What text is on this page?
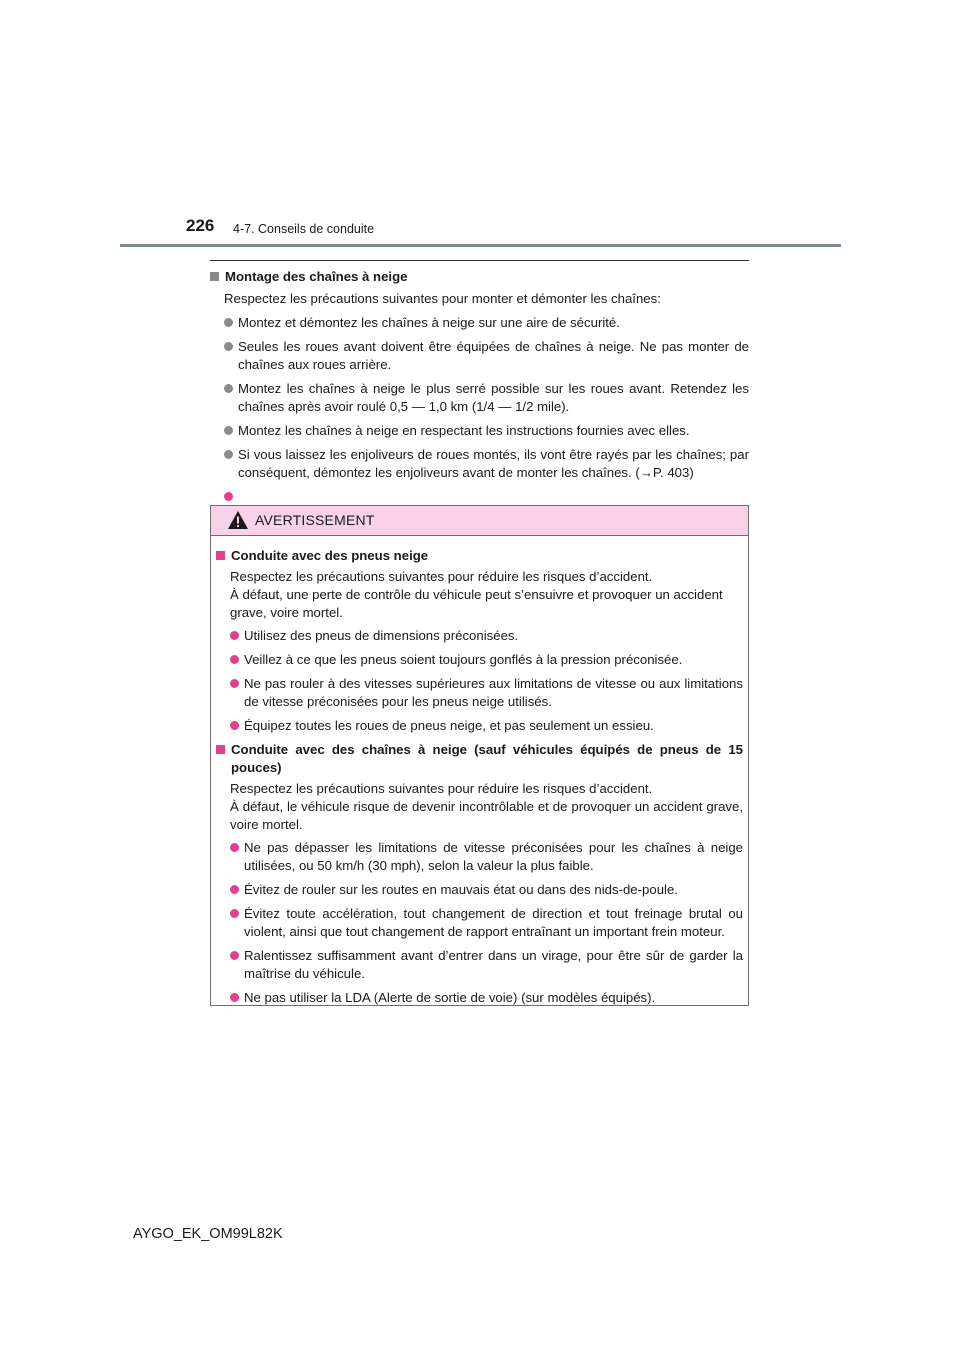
226 4-7. Conseils de conduite
Montage des chaînes à neige
Respectez les précautions suivantes pour monter et démonter les chaînes:
Montez et démontez les chaînes à neige sur une aire de sécurité.
Seules les roues avant doivent être équipées de chaînes à neige. Ne pas monter de chaînes aux roues arrière.
Montez les chaînes à neige le plus serré possible sur les roues avant. Retendez les chaînes après avoir roulé 0,5 — 1,0 km (1/4 — 1/2 mile).
Montez les chaînes à neige en respectant les instructions fournies avec elles.
Si vous laissez les enjoliveurs de roues montés, ils vont être rayés par les chaînes; par conséquent, démontez les enjoliveurs avant de monter les chaînes. (→P. 403)
AVERTISSEMENT
Conduite avec des pneus neige
Respectez les précautions suivantes pour réduire les risques d’accident.
À défaut, une perte de contrôle du véhicule peut s’ensuivre et provoquer un accident grave, voire mortel.
Utilisez des pneus de dimensions préconisées.
Veillez à ce que les pneus soient toujours gonflés à la pression préconisée.
Ne pas rouler à des vitesses supérieures aux limitations de vitesse ou aux limitations de vitesse préconisées pour les pneus neige utilisés.
Équipez toutes les roues de pneus neige, et pas seulement un essieu.
Conduite avec des chaînes à neige (sauf véhicules équipés de pneus de 15 pouces)
Respectez les précautions suivantes pour réduire les risques d’accident.
À défaut, le véhicule risque de devenir incontrôlable et de provoquer un accident grave, voire mortel.
Ne pas dépasser les limitations de vitesse préconisées pour les chaînes à neige utilisées, ou 50 km/h (30 mph), selon la valeur la plus faible.
Évitez de rouler sur les routes en mauvais état ou dans des nids-de-poule.
Évitez toute accélération, tout changement de direction et tout freinage brutal ou violent, ainsi que tout changement de rapport entraînant un important frein moteur.
Ralentissez suffisamment avant d’entrer dans un virage, pour être sûr de garder la maîtrise du véhicule.
Ne pas utiliser la LDA (Alerte de sortie de voie) (sur modèles équipés).
AYGO_EK_OM99L82K
